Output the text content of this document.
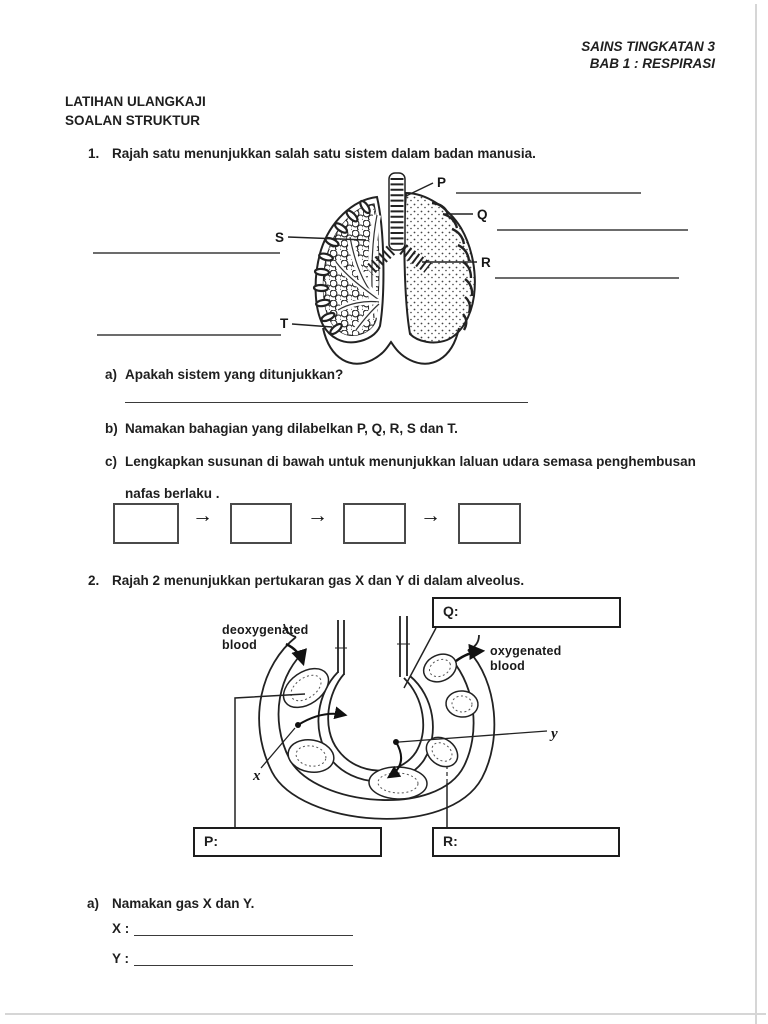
SAINS TINGKATAN 3
BAB 1 : RESPIRASI
LATIHAN ULANGKAJI
SOALAN STRUKTUR
1. Rajah satu menunjukkan salah satu sistem dalam badan manusia.
P
Q
R
S
T
a) Apakah sistem yang ditunjukkan?
b) Namakan bahagian yang dilabelkan P, Q, R, S dan T.
c) Lengkapkan susunan di bawah untuk menunjukkan laluan udara semasa penghembusan
nafas berlaku .
→	→	→
2. Rajah 2 menunjukkan pertukaran gas X dan Y di dalam alveolus.
deoxygenated
blood	oxygenated
blood
x
y
Q:
P:	R:
a) Namakan gas X dan Y.
X :
Y :
